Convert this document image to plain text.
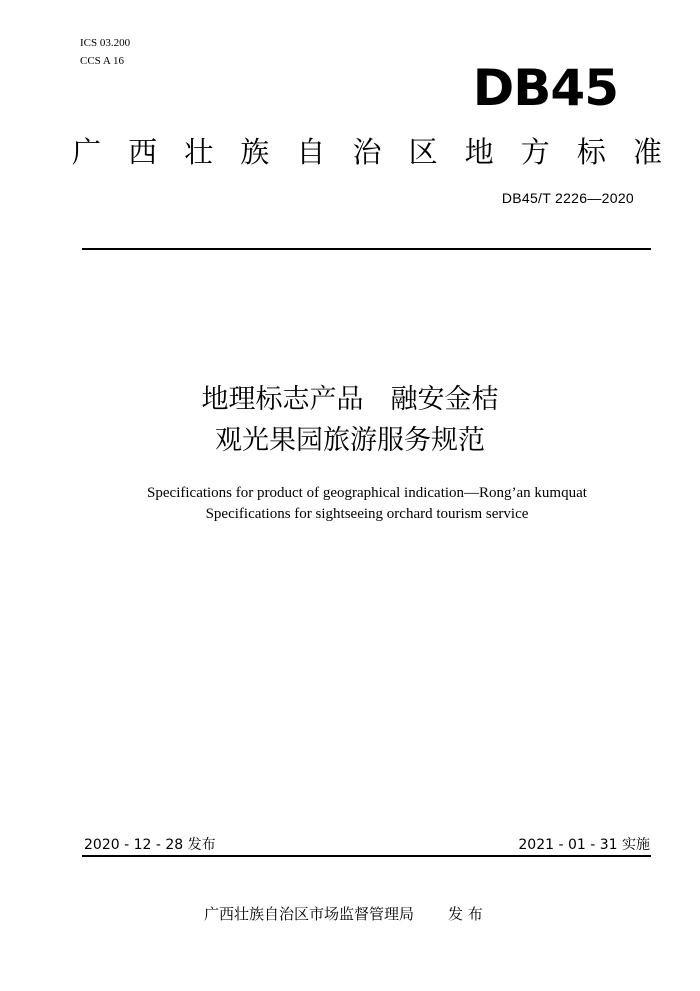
ICS 03.200
CCS A 16	DB45
广 西 壮 族 自 治 区 地 方 标 准
DB45/T 2226—2020
地理标志产品　融安金桔
观光果园旅游服务规范
Specifications for product of geographical indication—Rong’an kumquat
Specifications for sightseeing orchard tourism service
2020 - 12 - 28 发布	2021 - 01 - 31 实施
广西壮族自治区市场监督管理局 发 布
